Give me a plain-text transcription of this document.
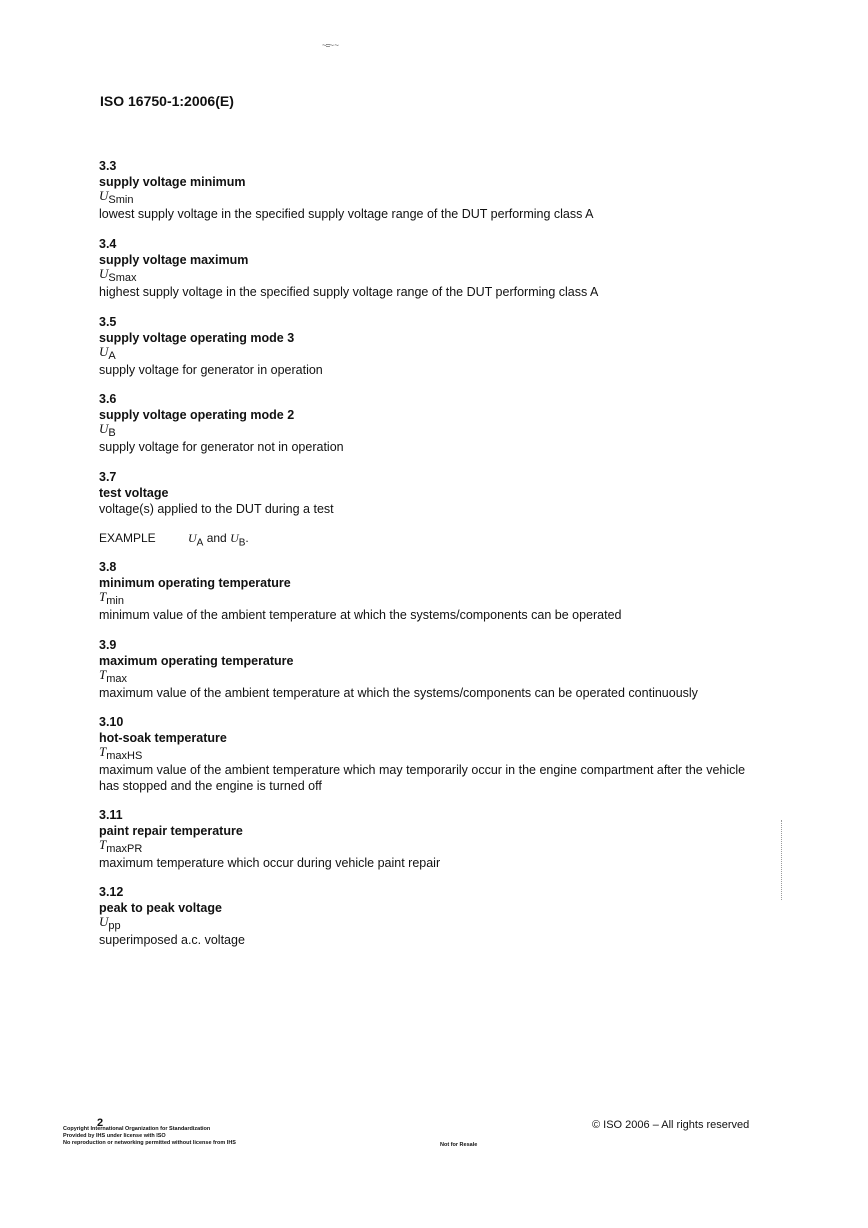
~=~ ~
ISO 16750-1:2006(E)
3.3
supply voltage minimum
$U_{Smin}$
lowest supply voltage in the specified supply voltage range of the DUT performing class A
3.4
supply voltage maximum
$U_{Smax}$
highest supply voltage in the specified supply voltage range of the DUT performing class A
3.5
supply voltage operating mode 3
$U_A$
supply voltage for generator in operation
3.6
supply voltage operating mode 2
$U_B$
supply voltage for generator not in operation
3.7
test voltage
voltage(s) applied to the DUT during a test
EXAMPLE	$U_A$ and $U_B$.
3.8
minimum operating temperature
$T_{min}$
minimum value of the ambient temperature at which the systems/components can be operated
3.9
maximum operating temperature
$T_{max}$
maximum value of the ambient temperature at which the systems/components can be operated continuously
3.10
hot-soak temperature
$T_{maxHS}$
maximum value of the ambient temperature which may temporarily occur in the engine compartment after the vehicle has stopped and the engine is turned off
3.11
paint repair temperature
$T_{maxPR}$
maximum temperature which occur during vehicle paint repair
3.12
peak to peak voltage
$U_{pp}$
superimposed a.c. voltage
2
Copyright International Organization for Standardization
Provided by IHS under license with ISO
No reproduction or networking permitted without license from IHS	Not for Resale
© ISO 2006 – All rights reserved
